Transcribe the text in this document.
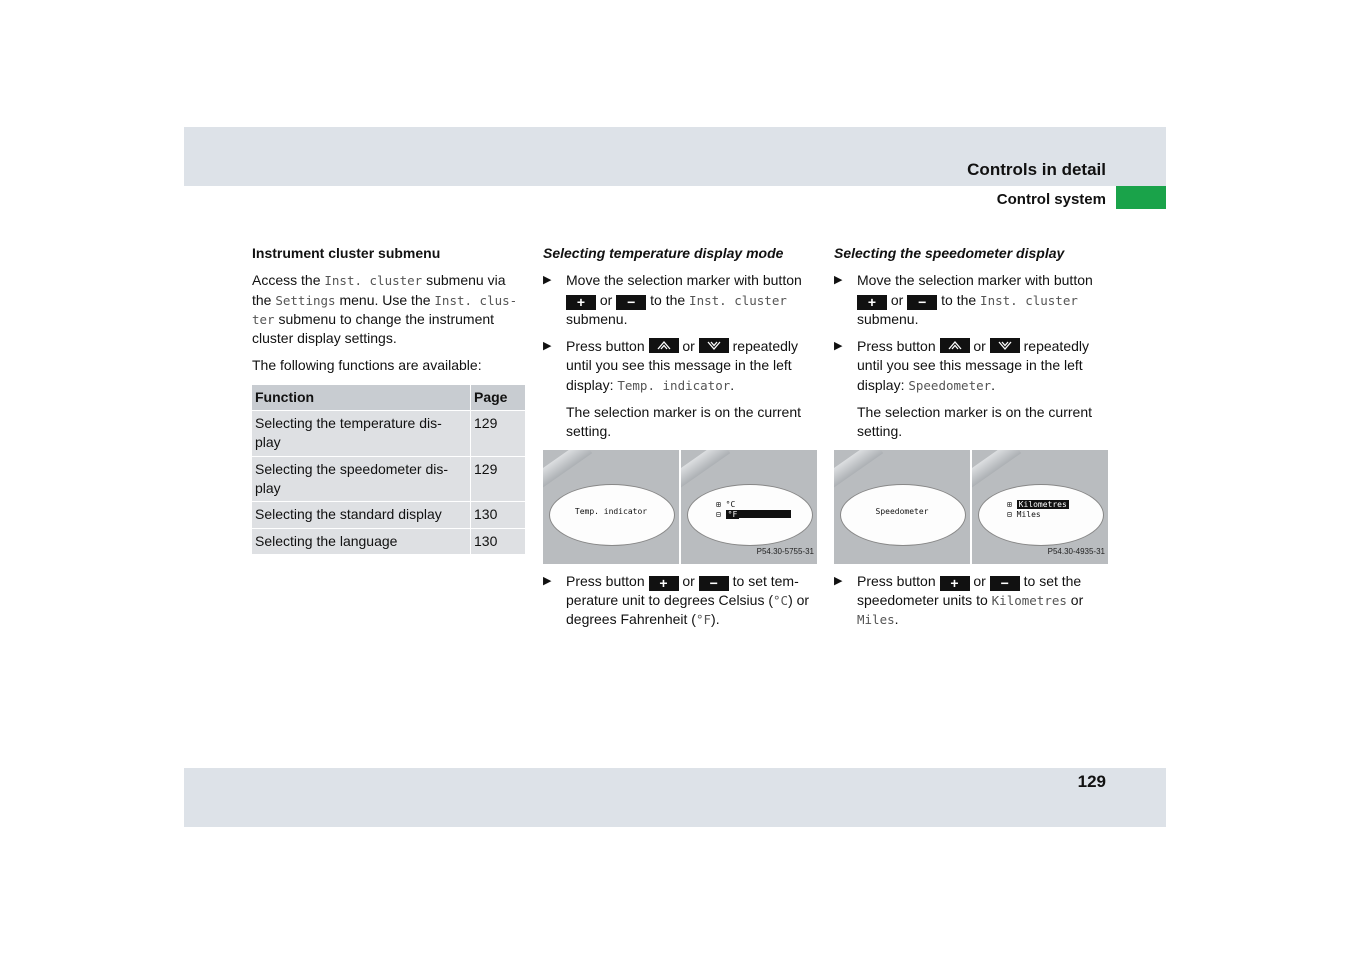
Controls in detail
Control system
Instrument cluster submenu

Access the Inst. cluster submenu via the Settings menu. Use the Inst. clus-ter submenu to change the instrument cluster display settings.

The following functions are available:

Function	Page
Selecting the temperature dis-play	129
Selecting the speedometer dis-play	129
Selecting the standard display	130
Selecting the language	130
Selecting temperature display mode
▶ Move the selection marker with button + or − to the Inst. cluster submenu.
▶ Press button
or
repeatedly until you see this message in the left display: Temp. indicator.

The selection marker is on the current setting.

Temp. indicator
⊞ °C
⊟ °F
P54.30-5755-31
▶ Press button + or − to set tem-perature unit to degrees Celsius (°C) or degrees Fahrenheit (°F).
Selecting the speedometer display
▶ Move the selection marker with button + or − to the Inst. cluster submenu.
▶ Press button
or
repeatedly until you see this message in the left display: Speedometer.

The selection marker is on the current setting.

Speedometer
⊞ Kilometres
⊟ Miles
P54.30-4935-31
▶ Press button + or − to set the speedometer units to Kilometres or Miles.
129
